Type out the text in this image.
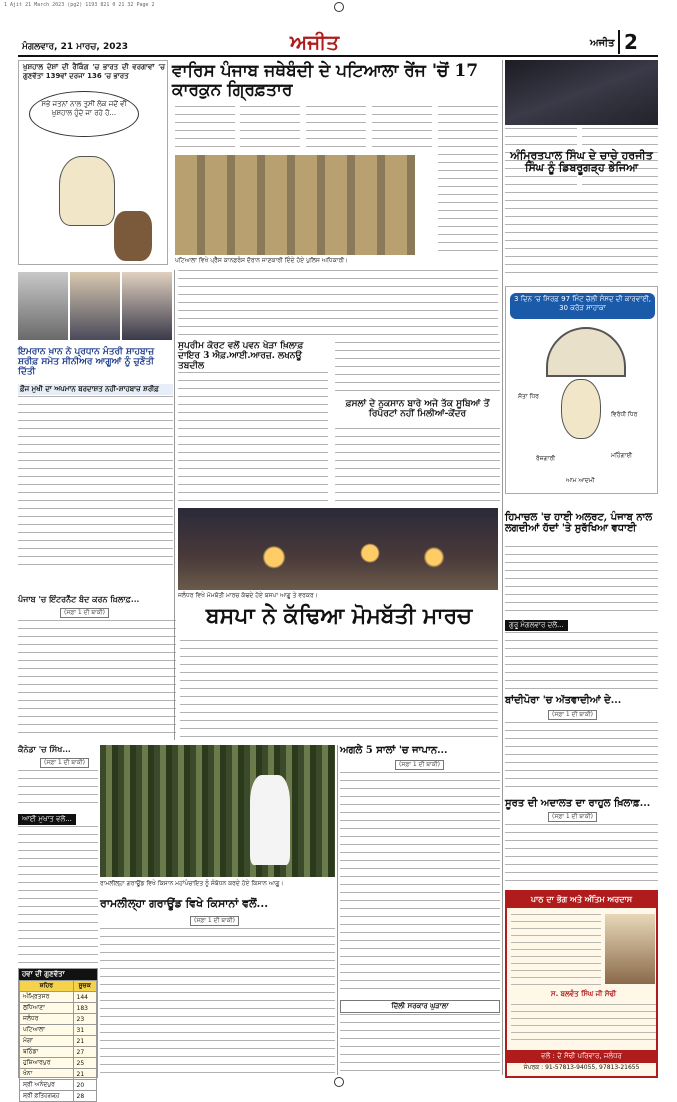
1 Ajit 21 March 2023 (pg2) 1193 821 0 21 32 Page 2
ਮੰਗਲਵਾਰ, 21 ਮਾਰਚ, 2023	ਅਜੀਤ	ਅਜੀਤ 2
ਖੁਸ਼ਹਾਲ ਦੇਸ਼ਾਂ ਦੀ ਰੈਂਕਿੰਗ 'ਚ ਭਾਰਤ ਦੀ ਵਰਗਾਵਾਂ 'ਚ ਗੁਣਵੱਤਾ 139ਵਾਂ ਦਰਜਾ 136 'ਚ ਭਾਰਤ
ਸਭੇ ਜਤਨਾਂ ਨਾਲ ਤੁਸੀਂ ਲੋਕ ਜਦੋਂ ਵੀ ਖ਼ੁਸ਼ਹਾਲ ਹੁੰਦੇ ਜਾ ਰਹੇ ਹੋ...
ਵਾਰਿਸ ਪੰਜਾਬ ਜਥੇਬੰਦੀ ਦੇ ਪਟਿਆਲਾ ਰੇਂਜ 'ਚੋਂ 17 ਕਾਰਕੁਨ ਗ੍ਰਿਫ਼ਤਾਰ
ਪਟਿਆਲਾ ਵਿਖੇ ਪ੍ਰੈੱਸ ਕਾਨਫ਼ਰੰਸ ਦੌਰਾਨ ਜਾਣਕਾਰੀ ਦਿੰਦੇ ਹੋਏ ਪੁਲਿਸ ਅਧਿਕਾਰੀ।
ਅੰਮ੍ਰਿਤਪਾਲ ਸਿੰਘ ਦੇ ਚਾਚੇ ਹਰਜੀਤ ਸਿੰਘ ਨੂੰ ਡਿਬਰੂਗੜ੍ਹ ਭੇਜਿਆ
ਇਮਰਾਨ ਖ਼ਾਨ ਨੇ ਪ੍ਰਧਾਨ ਮੰਤਰੀ ਸ਼ਾਹਬਾਜ਼ ਸ਼ਰੀਫ਼ ਸਮੇਤ ਸੀਨੀਅਰ ਆਗੂਆਂ ਨੂੰ ਚੁਣੌਤੀ ਦਿੱਤੀ
ਫ਼ੌਜ ਮੁਖੀ ਦਾ ਅਪਮਾਨ ਬਰਦਾਸ਼ਤ ਨਹੀਂ-ਸ਼ਾਹਬਾਜ਼ ਸ਼ਰੀਫ਼
ਸੁਪਰੀਮ ਕੋਰਟ ਵਲੋਂ ਪਵਨ ਖੇੜਾ ਖ਼ਿਲਾਫ਼ ਦਾਇਰ 3 ਐਫ਼.ਆਈ.ਆਰਜ਼. ਲਖਨਊ ਤਬਦੀਲ
ਫ਼ਸਲਾਂ ਦੇ ਨੁਕਸਾਨ ਬਾਰੇ ਅਜੇ ਤੱਕ ਸੂਬਿਆਂ ਤੋਂ ਰਿਪੋਰਟਾਂ ਨਹੀਂ ਮਿਲੀਆਂ-ਕੇਂਦਰ
3 ਦਿਨ 'ਚ ਸਿਰਫ਼ 97 ਮਿੰਟ ਚੱਲੀ ਸੰਸਦ ਦੀ ਕਾਰਵਾਈ, 30 ਕਰੋੜ ਸਾਹਾਕਾ
ਸੱਤਾ ਧਿਰ
ਵਿਰੋਧੀ ਧਿਰ
ਰੋਜ਼ਗਾਰੀ	ਮਹਿੰਗਾਈ
ਆਮ ਆਦਮੀ
ਜਲੰਧਰ ਵਿਖੇ ਮੋਮਬੱਤੀ ਮਾਰਚ ਕੱਢਦੇ ਹੋਏ ਬਸਪਾ ਆਗੂ ਤੇ ਵਰਕਰ।
ਪੰਜਾਬ 'ਚ ਇੰਟਰਨੈੱਟ ਬੰਦ ਕਰਨ ਖ਼ਿਲਾਫ਼...
(ਸਫ਼ਾ 1 ਦੀ ਬਾਕੀ)	ਬਸਪਾ ਨੇ ਕੱਢਿਆ ਮੋਮਬੱਤੀ ਮਾਰਚ
ਹਿਮਾਚਲ 'ਚ ਹਾਈ ਅਲਰਟ, ਪੰਜਾਬ ਨਾਲ ਲਗਦੀਆਂ ਹੱਦਾਂ 'ਤੇ ਸੁਰੱਖਿਆ ਵਧਾਈ
ਗੁਰੂ ਮੰਗਲਵਾਰ ਦਲੋਂ...
ਬਾਂਦੀਪੋਰਾ 'ਚ ਅੱਤਵਾਦੀਆਂ ਦੇ...
(ਸਫ਼ਾ 1 ਦੀ ਬਾਕੀ)
ਕੈਨੇਡਾ 'ਚ ਸਿੱਖ...
(ਸਫ਼ਾ 1 ਦੀ ਬਾਕੀ)
ਆਈ ਮੁਖਾਤ ਵਲੋਂ...
ਰਾਮਲੀਲ੍ਹਾ ਗਰਾਊਂਡ ਵਿਖੇ ਕਿਸਾਨ ਮਹਾਂਪੰਚਾਇਤ ਨੂੰ ਸੰਬੋਧਨ ਕਰਦੇ ਹੋਏ ਕਿਸਾਨ ਆਗੂ।
ਰਾਮਲੀਲ੍ਹਾ ਗਰਾਊਂਡ ਵਿਖੇ ਕਿਸਾਨਾਂ ਵਲੋਂ...
(ਸਫ਼ਾ 1 ਦੀ ਬਾਕੀ)
ਅਗਲੇ 5 ਸਾਲਾਂ 'ਚ ਜਾਪਾਨ...
(ਸਫ਼ਾ 1 ਦੀ ਬਾਕੀ)
ਸੂਰਤ ਦੀ ਅਦਾਲਤ ਦਾ ਰਾਹੁਲ ਖ਼ਿਲਾਫ਼...
(ਸਫ਼ਾ 1 ਦੀ ਬਾਕੀ)
ਹਵਾ ਦੀ ਗੁਣਵੱਤਾ
ਸ਼ਹਿਰ	ਸੂਚਕ
ਅੰਮ੍ਰਿਤਸਰ	144
ਲੁਧਿਆਣਾ	183
ਜਲੰਧਰ	23
ਪਟਿਆਲਾ	31
ਮੋਗਾ	21
ਬਠਿੰਡਾ	27
ਹੁਸ਼ਿਆਰਪੁਰ	25
ਖੰਨਾ	21
ਸ੍ਰੀ ਅਨੰਦਪੁਰ	20
ਸ਼੍ਰੀ ਫ਼ਤਿਹਗੜ੍ਹ	28
ਦਿੱਲੀ ਸਰਕਾਰ ਘੁੜਾਲਾ
ਪਾਠ ਦਾ ਭੋਗ ਅਤੇ ਅੰਤਿਮ ਅਰਦਾਸ
ਸ. ਬਲਵੰਤ ਸਿੰਘ ਜੀ ਸੋਢੀ
ਵਲੋਂ : ਦੇ ਸੋਢੀ ਪਰਿਵਾਰ, ਜਲੰਧਰ
ਸੰਪਰਕ : 91-57813-94055, 97813-21655
